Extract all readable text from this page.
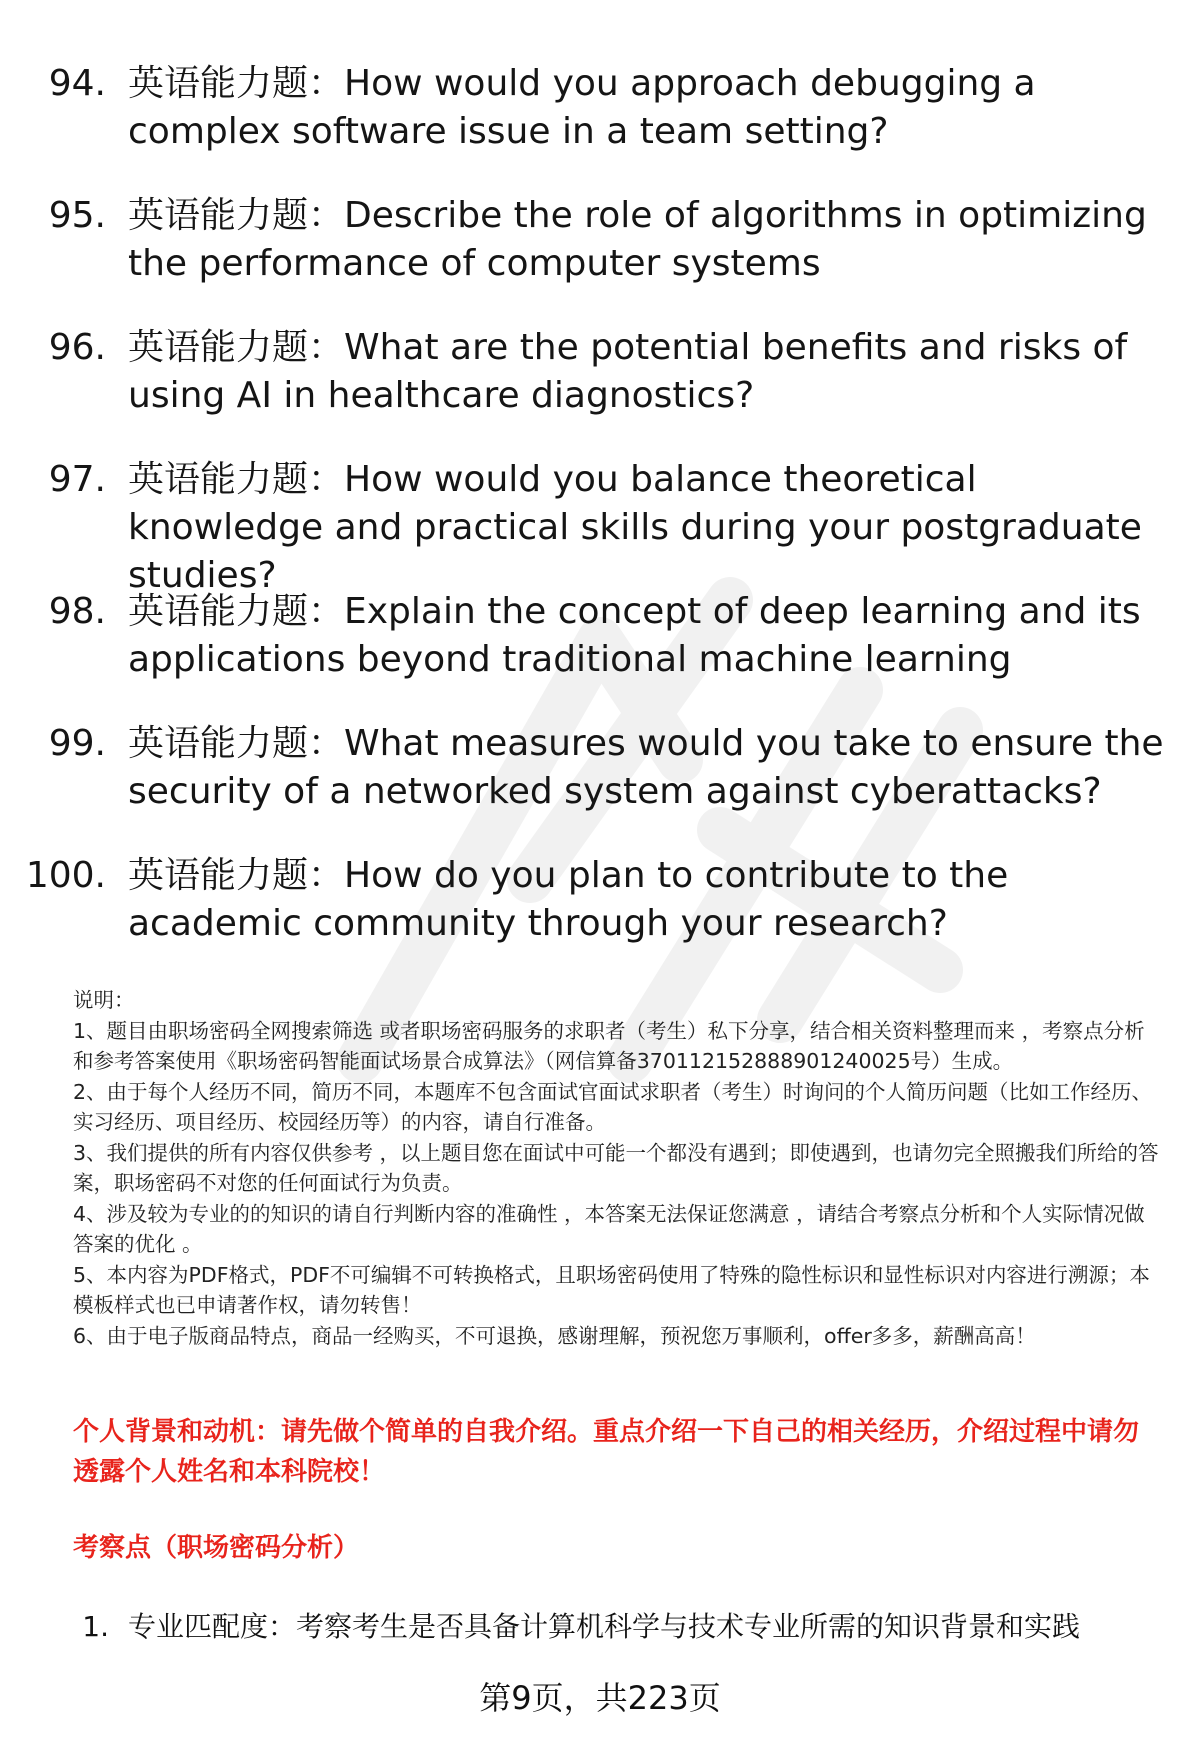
94. 英语能力题：How would you approach debugging a complex software issue in a team setting?
95. 英语能力题：Describe the role of algorithms in optimizing the performance of computer systems
96. 英语能力题：What are the potential benefits and risks of using AI in healthcare diagnostics?
97. 英语能力题：How would you balance theoretical knowledge and practical skills during your postgraduate studies?
98. 英语能力题：Explain the concept of deep learning and its applications beyond traditional machine learning
99. 英语能力题：What measures would you take to ensure the security of a networked system against cyberattacks?
100. 英语能力题：How do you plan to contribute to the academic community through your research?

说明：

1、题目由职场密码全网搜索筛选 或者职场密码服务的求职者（考生）私下分享，结合相关资料整理而来 ，考察点分析和参考答案使用《职场密码智能面试场景合成算法》（网信算备370112152888901240025号）生成。

2、由于每个人经历不同，简历不同，本题库不包含面试官面试求职者（考生）时询问的个人简历问题（比如工作经历、实习经历、项目经历、校园经历等）的内容，请自行准备。

3、我们提供的所有内容仅供参考 ，以上题目您在面试中可能一个都没有遇到；即使遇到，也请勿完全照搬我们所给的答案，职场密码不对您的任何面试行为负责。

4、涉及较为专业的的知识的请自行判断内容的准确性 ，本答案无法保证您满意 ，请结合考察点分析和个人实际情况做答案的优化 。

5、本内容为PDF格式，PDF不可编辑不可转换格式，且职场密码使用了特殊的隐性标识和显性标识对内容进行溯源；本模板样式也已申请著作权，请勿转售！

6、由于电子版商品特点，商品一经购买，不可退换，感谢理解，预祝您万事顺利，offer多多，薪酬高高！

个人背景和动机：请先做个简单的自我介绍。重点介绍一下自己的相关经历，介绍过程中请勿透露个人姓名和本科院校！
考察点（职场密码分析）
1. 专业匹配度：考察考生是否具备计算机科学与技术专业所需的知识背景和实践
第9页，共223页
